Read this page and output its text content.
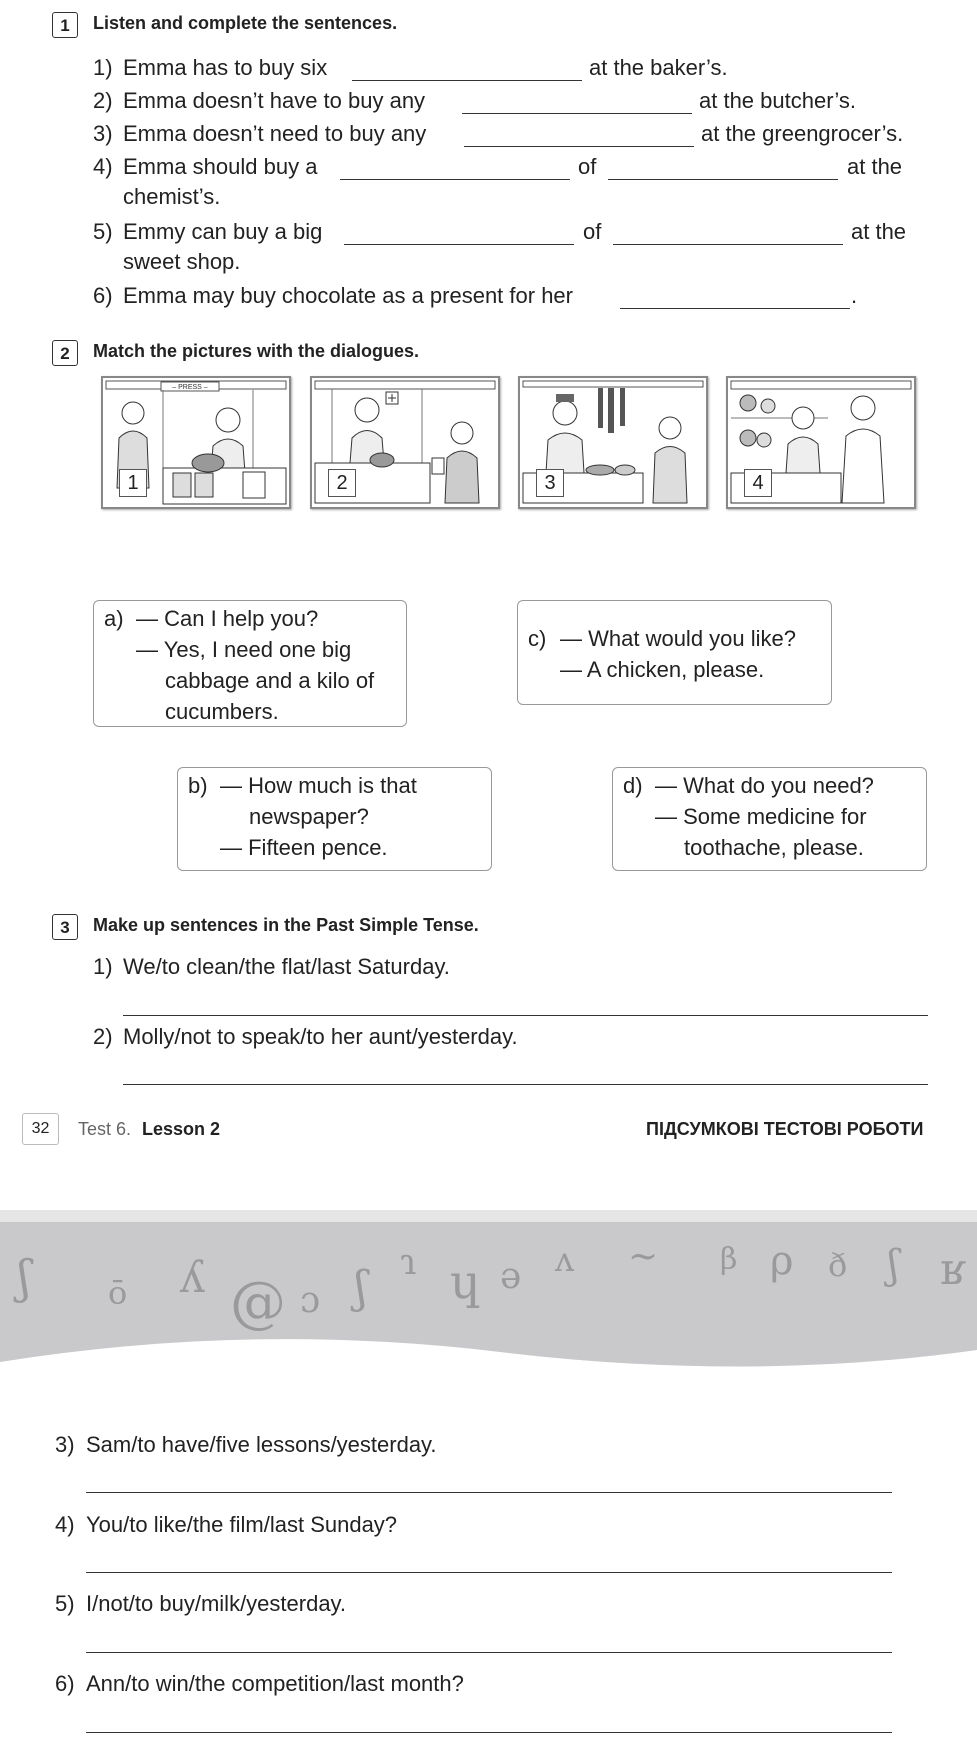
1	Listen and complete the sentences.
1) Emma has to buy six	at the baker’s.
2) Emma doesn’t have to buy any	at the butcher’s.
3) Emma doesn’t need to buy any	at the greengrocer’s.
4) Emma should buy a	of	at the
chemist’s.
5) Emmy can buy a big	of	at the
sweet shop.
6) Emma may buy chocolate as a present for her	.
2	Match the pictures with the dialogues.
– PRESS –
1	2	3	4
a) — Can I help you?
— Yes, I need one big
cabbage and a kilo of
cucumbers.
c) — What would you like?
— A chicken, please.
b) — How much is that
newspaper?
— Fifteen pence.
d) — What do you need?
— Some medicine for
toothache, please.
3	Make up sentences in the Past Simple Tense.
1) We/to clean/the flat/last Saturday.
2) Molly/not to speak/to her aunt/yesterday.
32	Test 6. Lesson 2	ПІДСУМКОВІ ТЕСТОВІ РОБОТИ
ʃ ō ʎ @ ɔ ʃ ɿ ɥ ə ʌ ~ β ρ ð ʃ ʁ
3) Sam/to have/five lessons/yesterday.
4) You/to like/the film/last Sunday?
5) I/not/to buy/milk/yesterday.
6) Ann/to win/the competition/last month?
